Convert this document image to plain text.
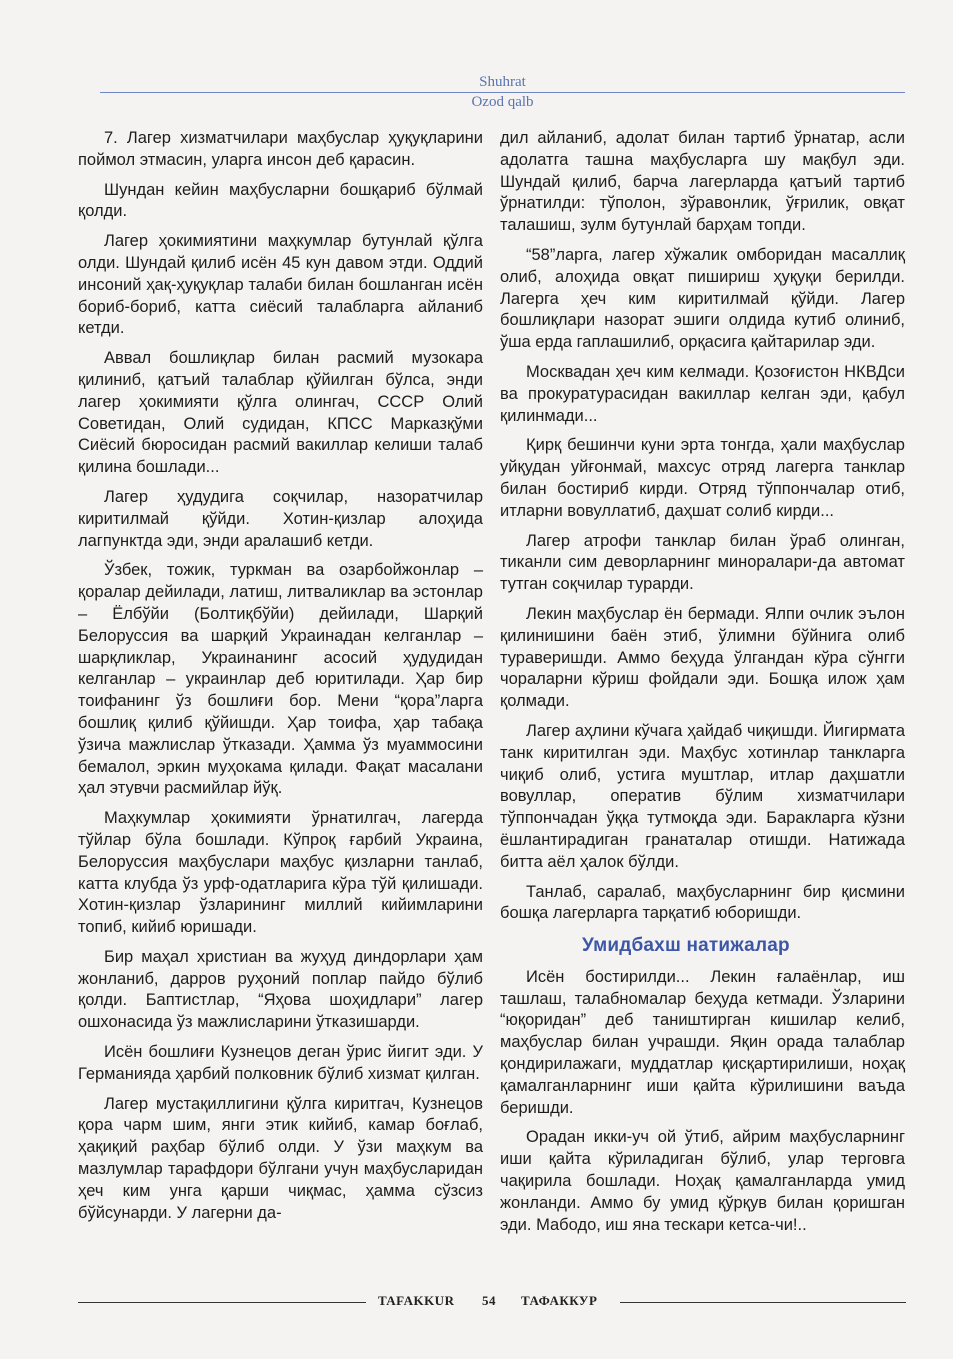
Shuhrat
Ozod qalb

7. Лагер хизматчилари маҳбуслар ҳуқуқларини поймол этмасин, уларга инсон деб қарасин.

Шундан кейин маҳбусларни бошқариб бўлмай қолди.

Лагер ҳокимиятини маҳкумлар бутунлай қўлга олди. Шундай қилиб исён 45 кун давом этди. Оддий инсоний ҳақ-ҳуқуқлар талаби билан бошланган исён бориб-бориб, катта сиёсий талабларга айланиб кетди.

Аввал бошлиқлар билан расмий музокара қилиниб, қатъий талаблар қўйилган бўлса, энди лагер ҳокимияти қўлга олингач, СССР Олий Советидан, Олий судидан, КПСС Марказқўми Сиёсий бюросидан расмий вакиллар келиши талаб қилина бошлади...

Лагер ҳудудига соқчилар, назоратчилар киритилмай қўйди. Хотин-қизлар алоҳида лагпунктда эди, энди аралашиб кетди.

Ўзбек, тожик, туркман ва озарбойжонлар – қоралар дейилади, латиш, литваликлар ва эстонлар – Ёлбўйи (Болтиқбўйи) дейилади, Шарқий Белоруссия ва шарқий Украинадан келганлар – шарқликлар, Украинанинг асосий ҳудудидан келганлар – украинлар деб юритилади. Ҳар бир тоифанинг ўз бошлиғи бор. Мени “қора”ларга бошлиқ қилиб қўйишди. Ҳар тоифа, ҳар табақа ўзича мажлислар ўтказади. Ҳамма ўз муаммосини бемалол, эркин муҳокама қилади. Фақат масалани ҳал этувчи расмийлар йўқ.

Маҳкумлар ҳокимияти ўрнатилгач, лагерда тўйлар бўла бошлади. Кўпроқ ғарбий Украина, Белоруссия маҳбуслари маҳбус қизларни танлаб, катта клубда ўз урф-одатларига кўра тўй қилишади. Хотин-қизлар ўзларининг миллий кийимларини топиб, кийиб юришади.

Бир маҳал христиан ва жуҳуд диндорлари ҳам жонланиб, дарров руҳоний поплар пайдо бўлиб қолди. Баптистлар, “Яҳова шоҳидлари” лагер ошхонасида ўз мажлисларини ўтказишарди.

Исён бошлиғи Кузнецов деган ўрис йигит эди. У Германияда ҳарбий полковник бўлиб хизмат қилган.

Лагер мустақиллигини қўлга киритгач, Кузнецов қора чарм шим, янги этик кийиб, камар боғлаб, ҳақиқий раҳбар бўлиб олди. У ўзи маҳкум ва мазлумлар тарафдори бўлгани учун маҳбусларидан ҳеч ким унга қарши чиқмас, ҳамма сўзсиз бўйсунарди. У лагерни да-

дил айланиб, адолат билан тартиб ўрнатар, асли адолатга ташна маҳбусларга шу мақбул эди. Шундай қилиб, барча лагерларда қатъий тартиб ўрнатилди: тўполон, зўравонлик, ўғрилик, овқат талашиш, зулм бутунлай барҳам топди.

“58”ларга, лагер хўжалик омборидан масаллиқ олиб, алоҳида овқат пишириш ҳуқуқи берилди. Лагерга ҳеч ким киритилмай қўйди. Лагер бошлиқлари назорат эшиги олдида кутиб олиниб, ўша ерда гаплашилиб, орқасига қайтарилар эди.

Москвадан ҳеч ким келмади. Қозоғистон НКВДси ва прокуратурасидан вакиллар келган эди, қабул қилинмади...

Қирқ бешинчи куни эрта тонгда, ҳали маҳбуслар уйқудан уйғонмай, махсус отряд лагерга танклар билан бостириб кирди. Отряд тўппончалар отиб, итларни вовуллатиб, даҳшат солиб кирди...

Лагер атрофи танклар билан ўраб олинган, тиканли сим деворларнинг миноралари-да автомат тутган соқчилар турарди.

Лекин маҳбуслар ён бермади. Ялпи очлик эълон қилинишини баён этиб, ўлимни бўйнига олиб тураверишди. Аммо беҳуда ўлгандан кўра сўнгги чораларни кўриш фойдали эди. Бошқа илож ҳам қолмади.

Лагер аҳлини кўчага ҳайдаб чиқишди. Йигирмата танк киритилган эди. Маҳбус хотинлар танкларга чиқиб олиб, устига муштлар, итлар даҳшатли вовуллар, оператив бўлим хизматчилари тўппончадан ўққа тутмоқда эди. Баракларга кўзни ёшлантирадиган гранаталар отишди. Натижада битта аёл ҳалок бўлди.

Танлаб, саралаб, маҳбусларнинг бир қисмини бошқа лагерларга тарқатиб юборишди.

Умидбахш натижалар

Исён бостирилди... Лекин ғалаёнлар, иш ташлаш, талабномалар беҳуда кетмади. Ўзларини “юқоридан” деб таништирган кишилар келиб, маҳбуслар билан учрашди. Яқин орада талаблар қондирилажаги, муддатлар қисқартирилиши, ноҳақ қамалганларнинг иши қайта кўрилишини ваъда беришди.

Орадан икки-уч ой ўтиб, айрим маҳбусларнинг иши қайта кўриладиган бўлиб, улар терговга чақирила бошлади. Ноҳақ қамалганларда умид жонланди. Аммо бу умид қўрқув билан қоришган эди. Мабодо, иш яна тескари кетса-чи!..

TAFAKKUR 54 ТАФАККУР
